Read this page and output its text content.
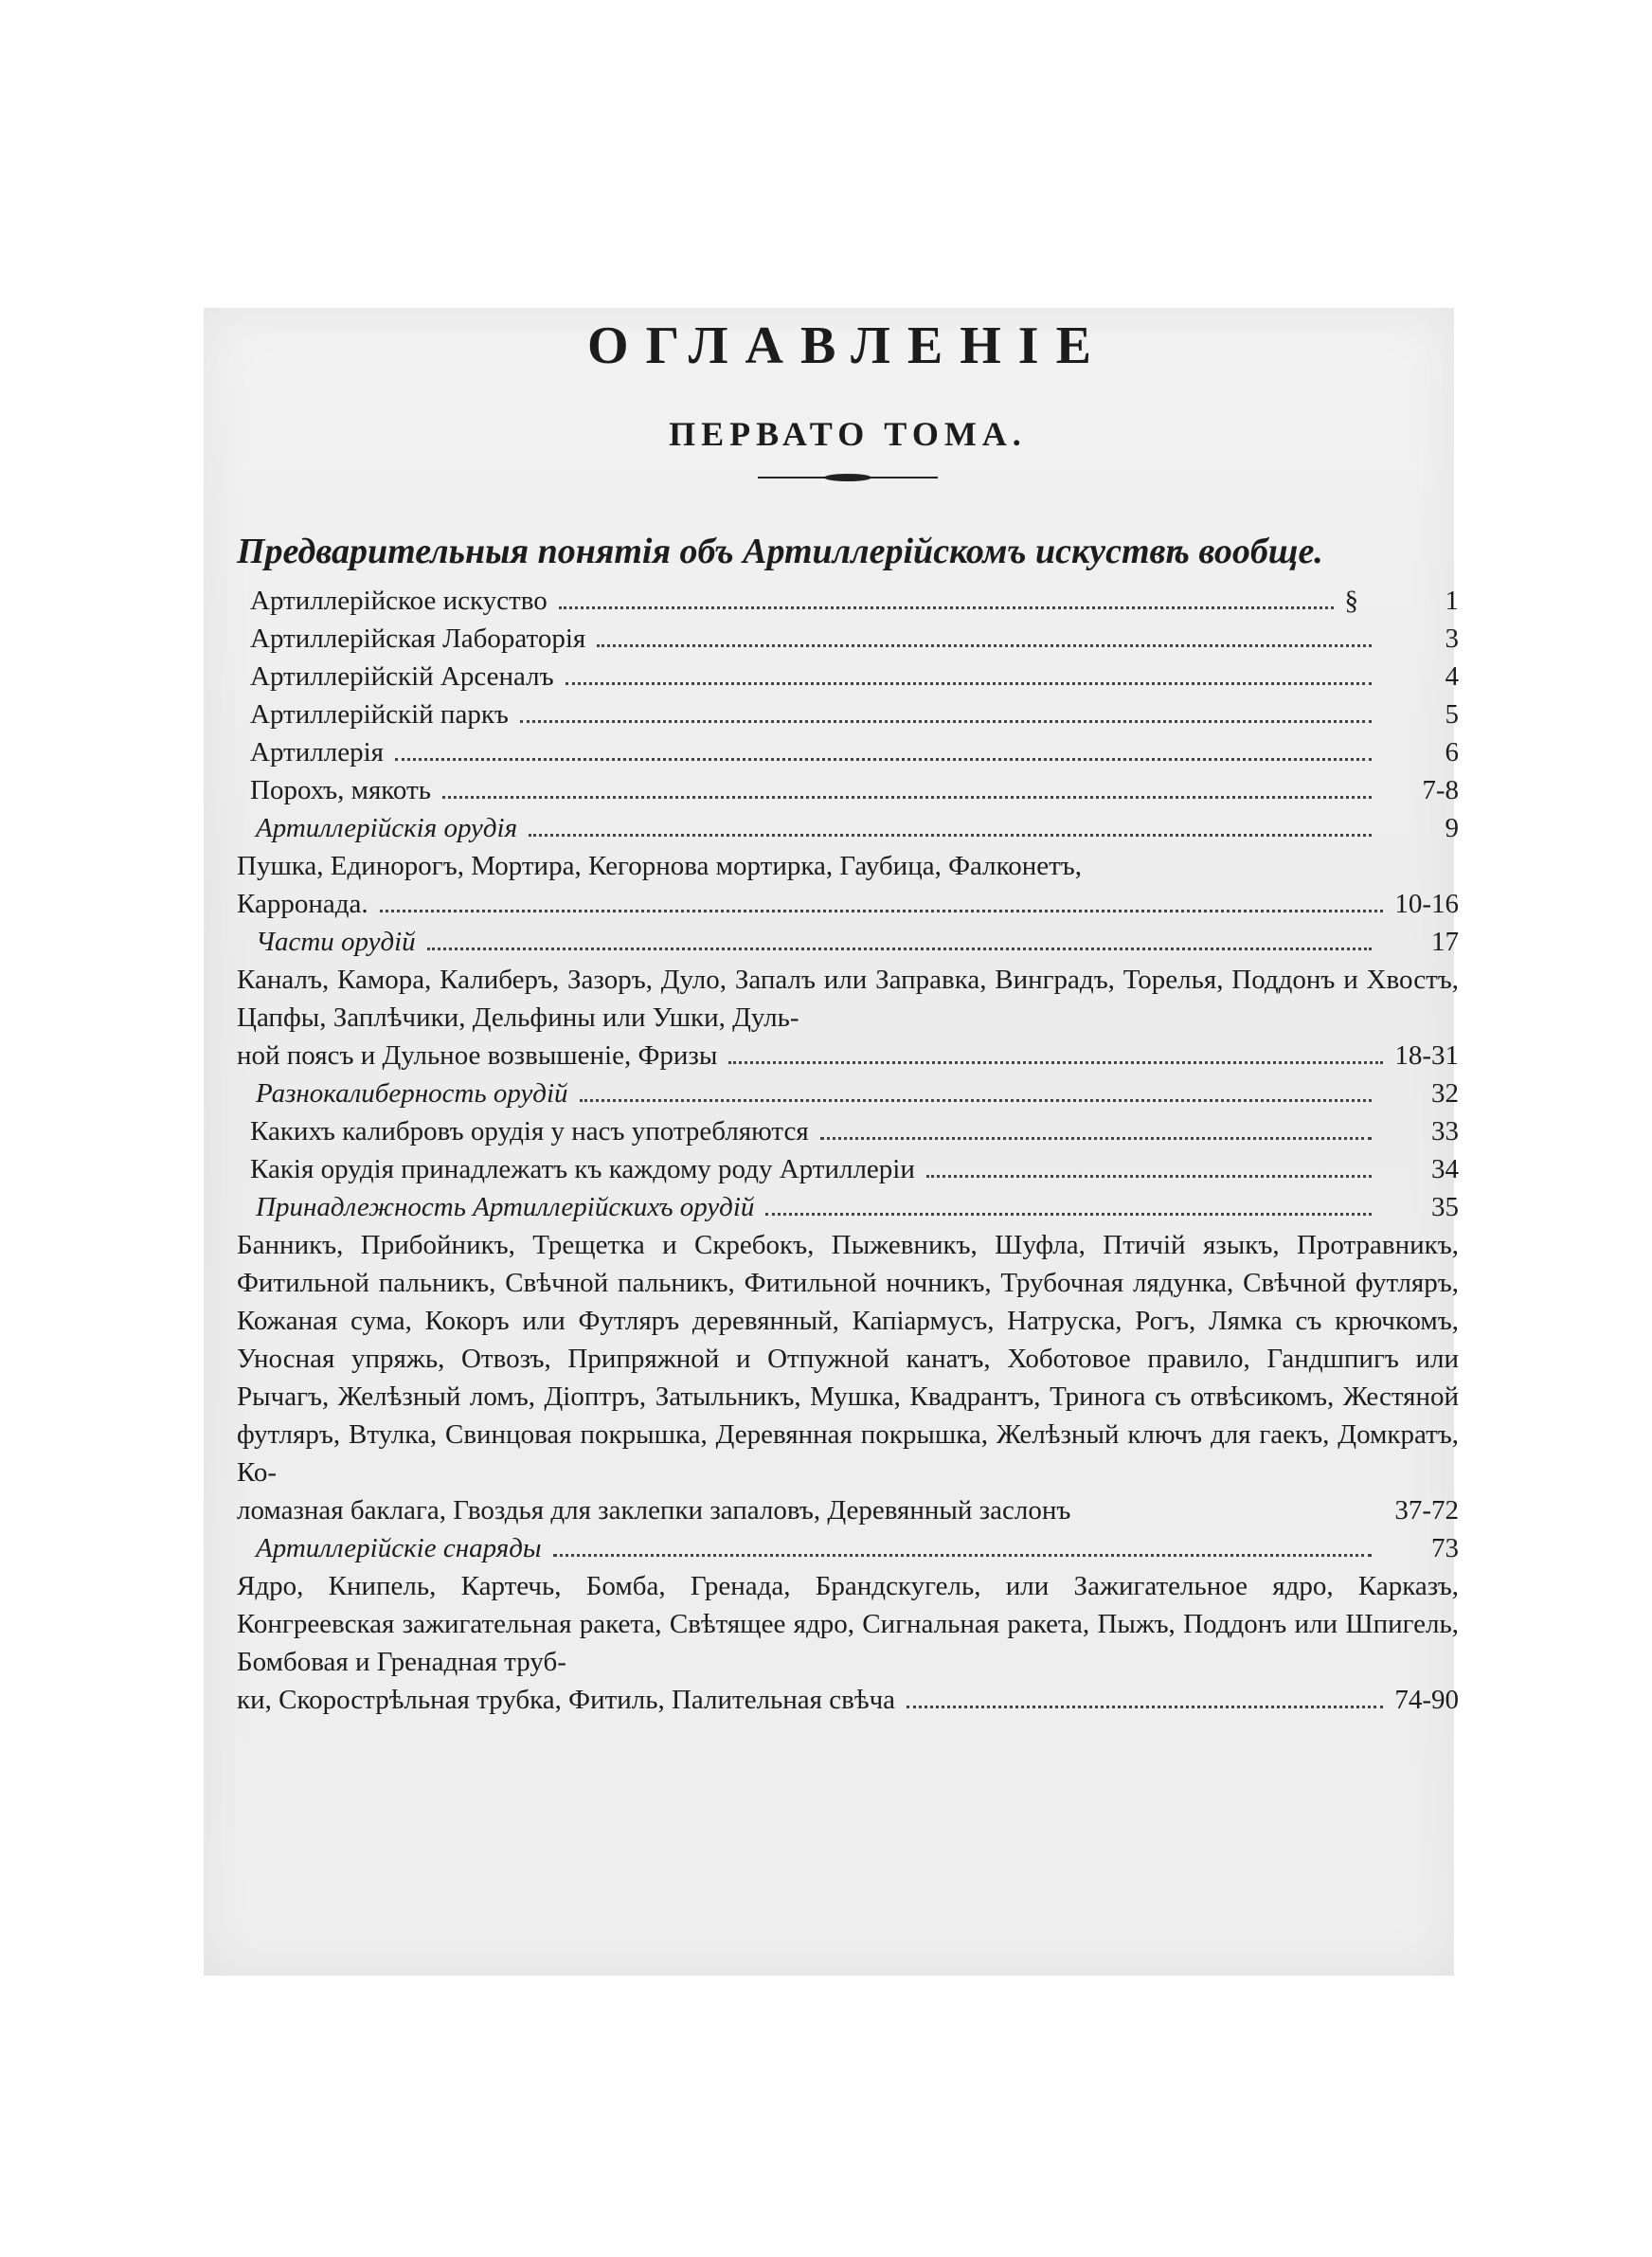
ОГЛАВЛЕНІЕ
ПЕРВАТО ТОМА.
Предварительныя понятія объ Артиллерійскомъ искуствѣ вообще.
Артиллерійское искуство	§	1
Артиллерійская Лабораторія	3
Артиллерійскій Арсеналъ	4
Артиллерійскій паркъ	5
Артиллерія	6
Порохъ, мякоть	7-8
Артиллерійскія орудія	9
Пушка, Единорогъ, Мортира, Кегорнова мортирка, Гаубица, Фалконетъ,
Карронада.	10-16
Части орудій	17
Каналъ, Камора, Калиберъ, Зазоръ, Дуло, Запалъ или Заправка, Винградъ, Торелья, Поддонъ и Хвостъ, Цапфы, Заплѣчики, Дельфины или Ушки, Дуль-
ной поясъ и Дульное возвышеніе, Фризы	18-31
Разнокалиберность орудій	32
Какихъ калибровъ орудія у насъ употребляются	33
Какія орудія принадлежатъ къ каждому роду Артиллеріи	34
Принадлежность Артиллерійскихъ орудій	35
Банникъ, Прибойникъ, Трещетка и Скребокъ, Пыжевникъ, Шуфла, Птичій языкъ, Протравникъ, Фитильной пальникъ, Свѣчной пальникъ, Фитильной ночникъ, Трубочная лядунка, Свѣчной футляръ, Кожаная сума, Кокоръ или Футляръ деревянный, Капіармусъ, Натруска, Рогъ, Лямка съ крючкомъ, Уносная упряжь, Отвозъ, Припряжной и Отпужной канатъ, Хоботовое правило, Гандшпигъ или Рычагъ, Желѣзный ломъ, Діоптръ, Затыльникъ, Мушка, Квадрантъ, Тринога съ отвѣсикомъ, Жестяной футляръ, Втулка, Свинцовая покрышка, Деревянная покрышка, Желѣзный ключъ для гаекъ, Домкратъ, Ко-
ломазная баклага, Гвоздья для заклепки запаловъ, Деревянный заслонъ	37-72
Артиллерійскіе снаряды	73
Ядро, Книпель, Картечь, Бомба, Гренада, Брандскугель, или Зажигательное ядро, Карказъ, Конгреевская зажигательная ракета, Свѣтящее ядро, Сигнальная ракета, Пыжъ, Поддонъ или Шпигель, Бомбовая и Гренадная труб-
ки, Скорострѣльная трубка, Фитиль, Палительная свѣча	74-90
